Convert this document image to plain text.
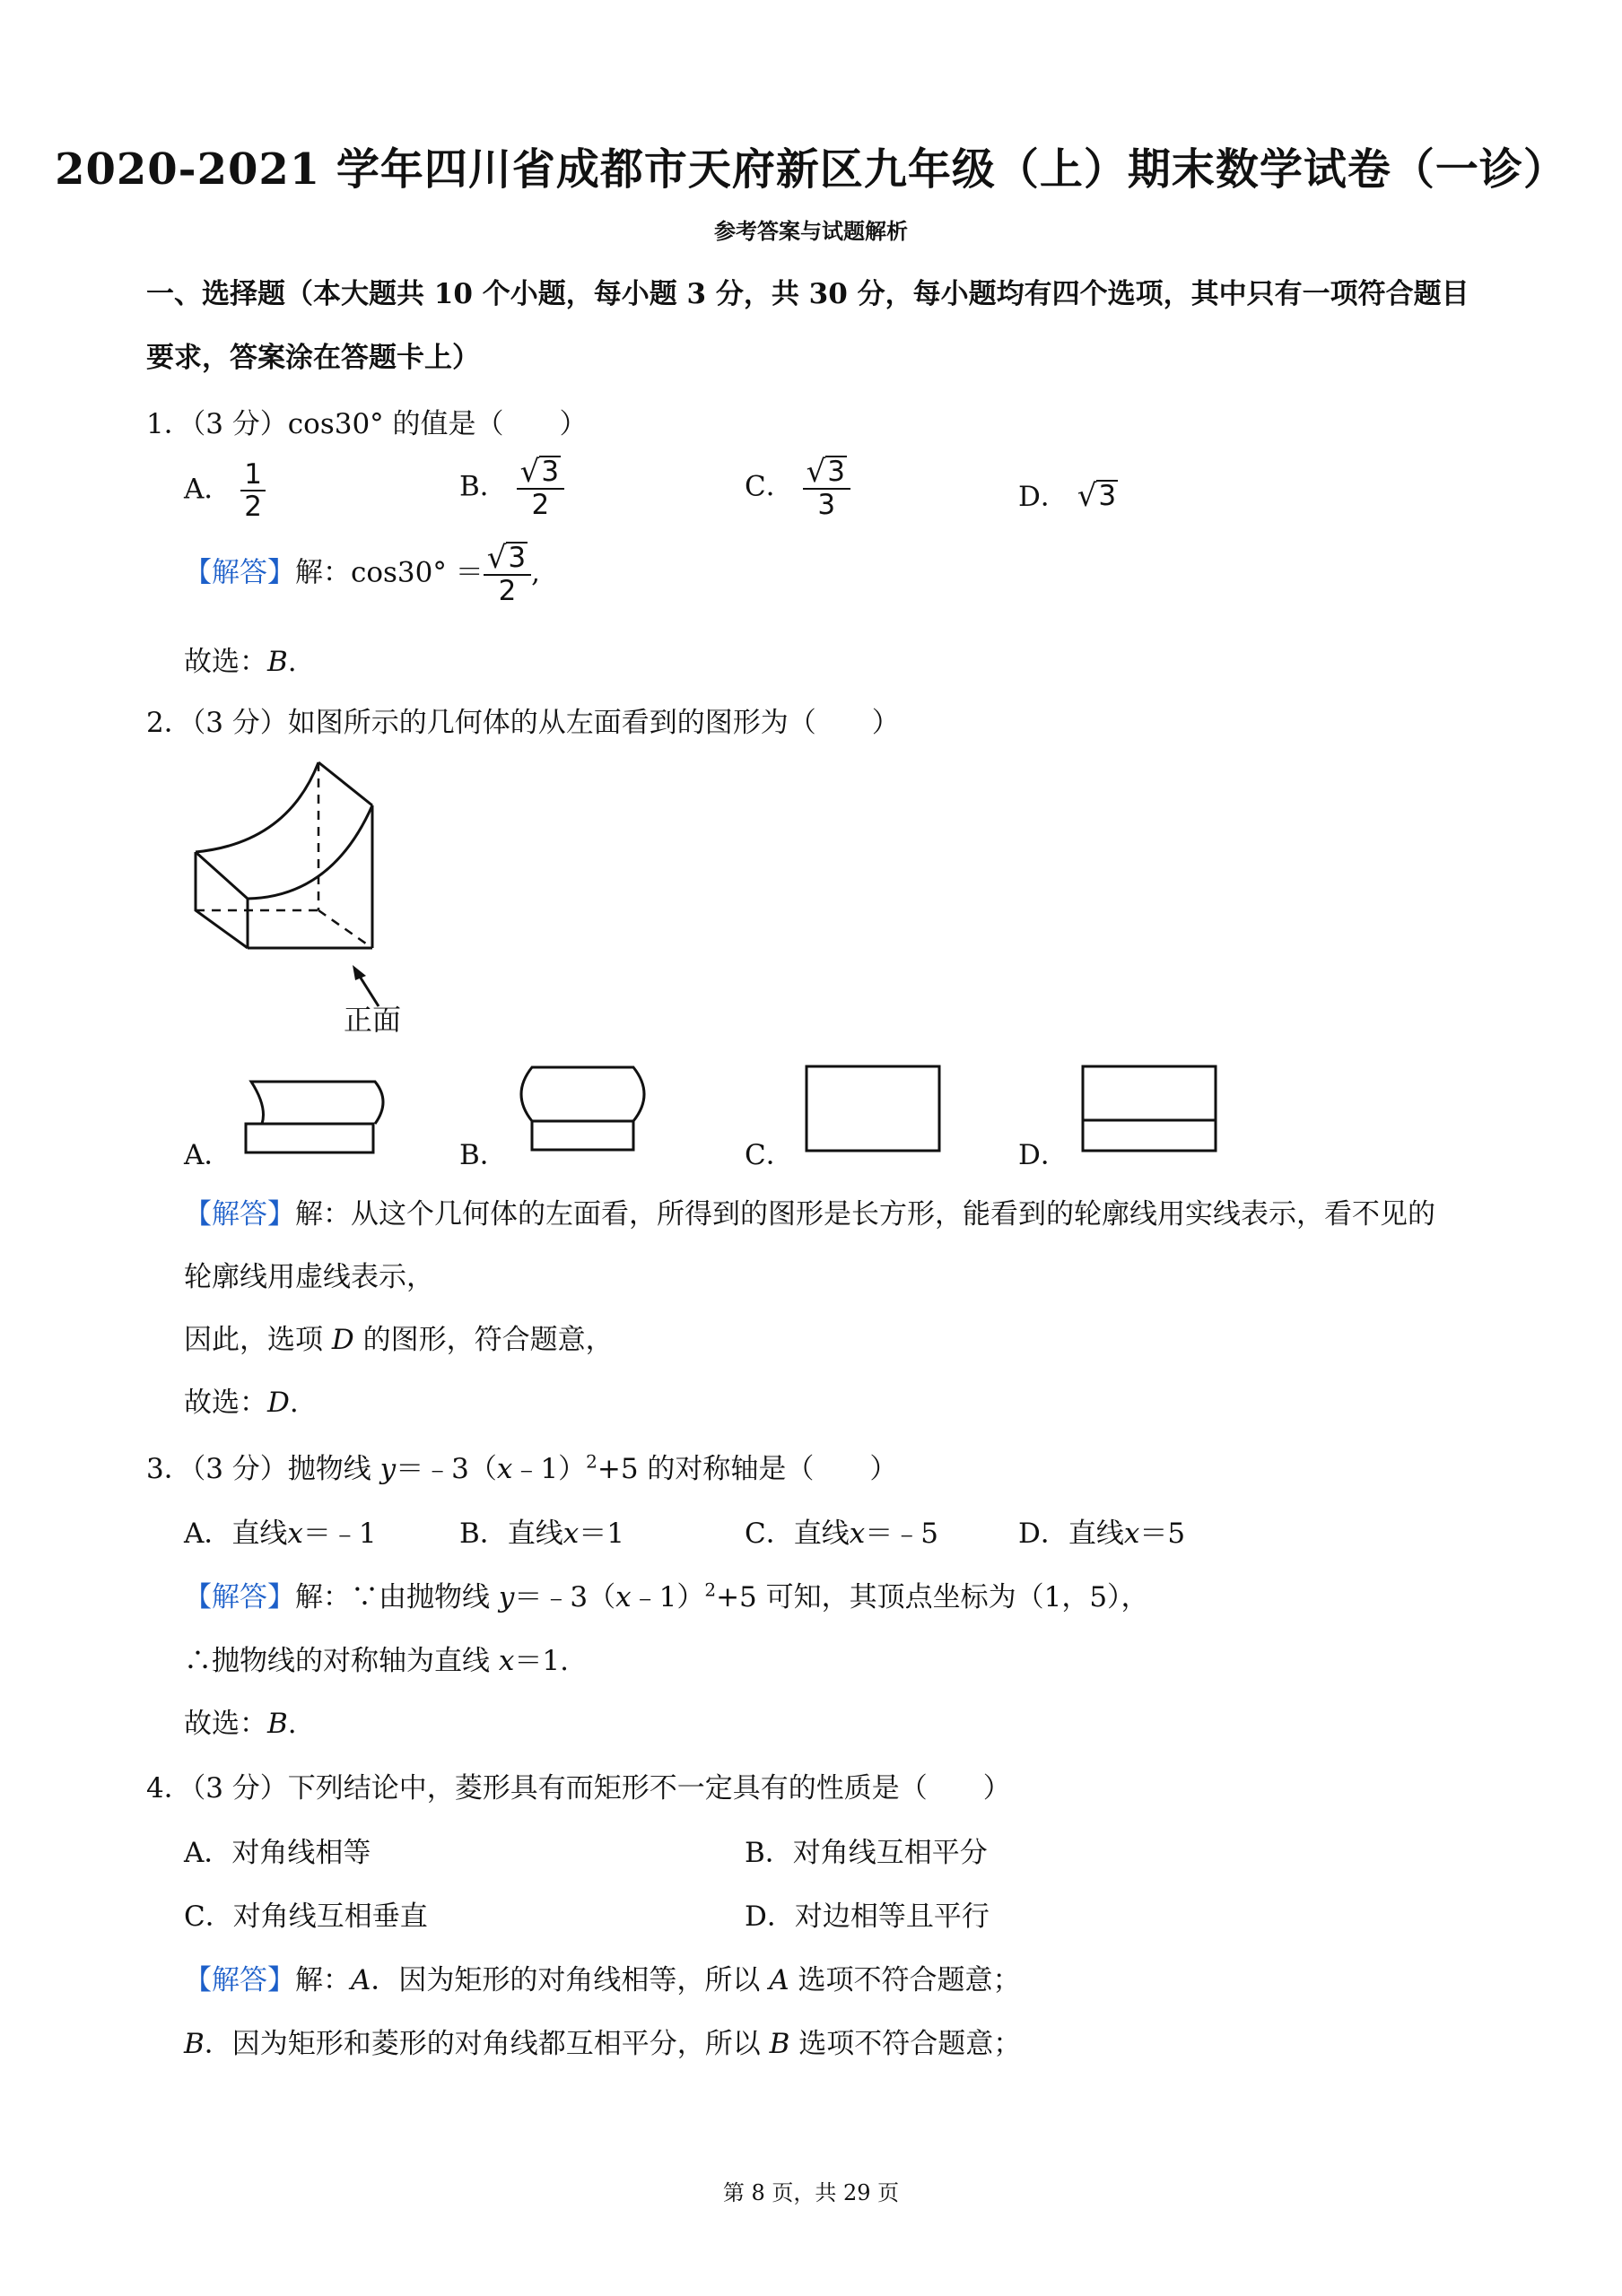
2020-2021 学年四川省成都市天府新区九年级（上）期末数学试卷（一诊）
参考答案与试题解析
一、选择题（本大题共 10 个小题，每小题 3 分，共 30 分，每小题均有四个选项，其中只有一项符合题目
要求，答案涂在答题卡上）
1．（3 分）cos30° 的值是（　　）
A． $\frac{1}{2}$	B． $\frac{√ 3}{2}$	C． $\frac{√ 3}{3}$	D． √ 3
【解答】解：$\cos 30^\circ = \frac{√ 3}{2}$ ,
故选：B.
2．（3 分）如图所示的几何体的从左面看到的图形为（　　）
正面
A．	B．	C．	D．
【解答】解：从这个几何体的左面看，所得到的图形是长方形，能看到的轮廓线用实线表示，看不见的
轮廓线用虚线表示，
因此，选项 D 的图形，符合题意，
故选：D.
3．（3 分）抛物线 y＝﹣3（x﹣1）$^2$+5 的对称轴是（　　）
A．直线x＝﹣1	B．直线x＝1	C．直线x＝﹣5	D．直线x＝5
【解答】解：∵由抛物线 y＝﹣3（x﹣1）$^2$+5 可知，其顶点坐标为（1，5），
∴抛物线的对称轴为直线 x＝1.
故选：B.
4．（3 分）下列结论中，菱形具有而矩形不一定具有的性质是（　　）
A．对角线相等	B．对角线互相平分
C．对角线互相垂直	D．对边相等且平行
【解答】解：A．因为矩形的对角线相等，所以 A 选项不符合题意；
B．因为矩形和菱形的对角线都互相平分，所以 B 选项不符合题意；
第 8 页，共 29 页
